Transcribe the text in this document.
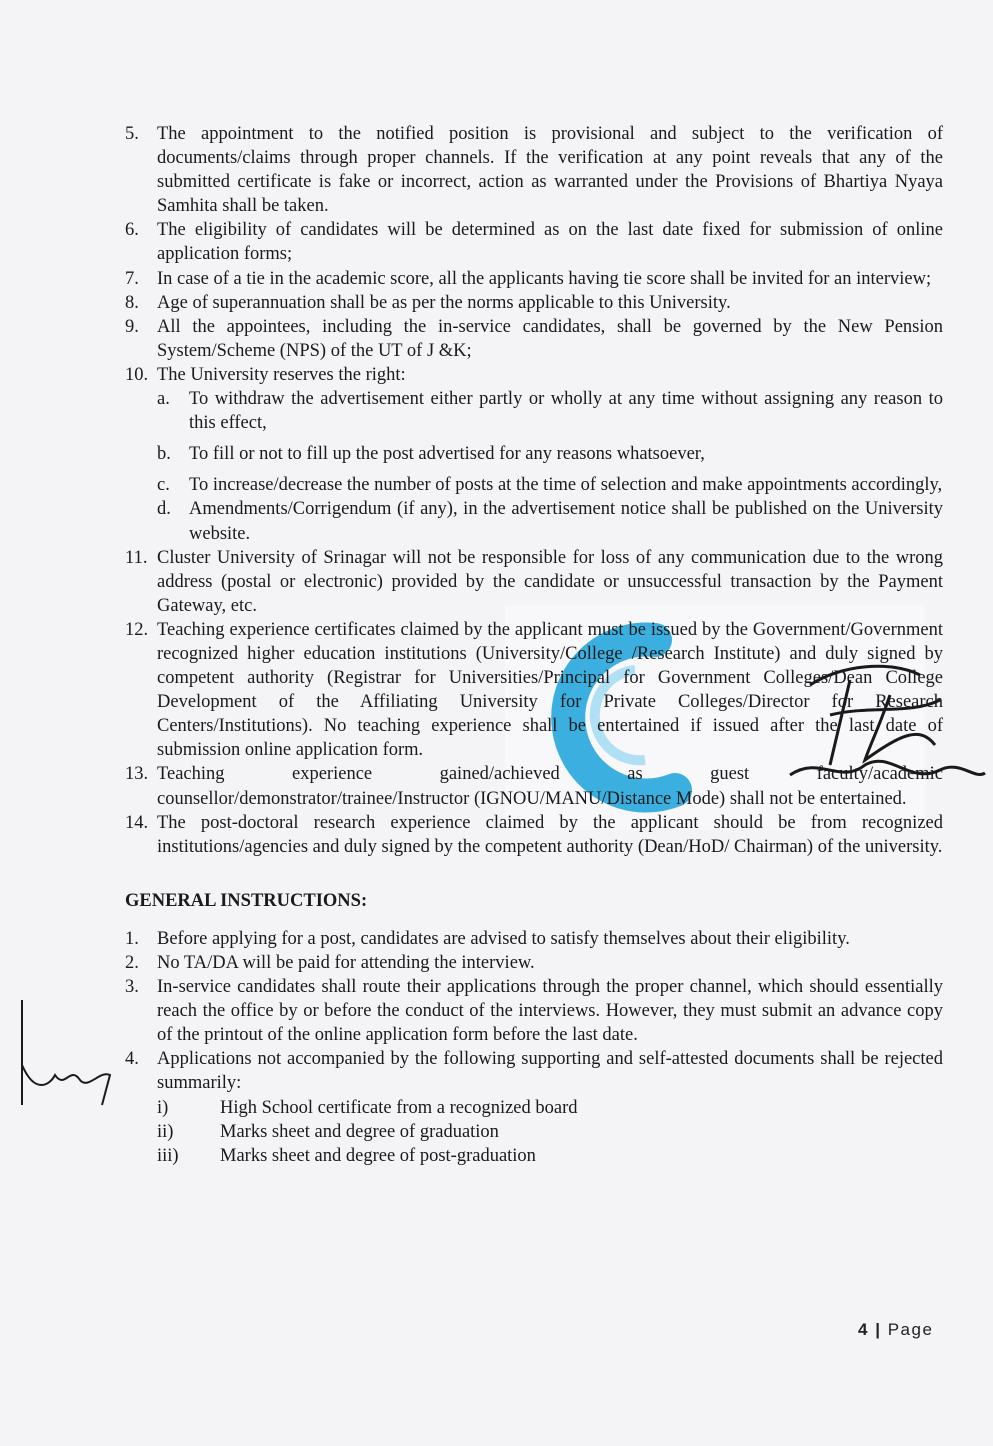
5. The appointment to the notified position is provisional and subject to the verification of documents/claims through proper channels. If the verification at any point reveals that any of the submitted certificate is fake or incorrect, action as warranted under the Provisions of Bhartiya Nyaya Samhita shall be taken.
6. The eligibility of candidates will be determined as on the last date fixed for submission of online application forms;
7. In case of a tie in the academic score, all the applicants having tie score shall be invited for an interview;
8. Age of superannuation shall be as per the norms applicable to this University.
9. All the appointees, including the in-service candidates, shall be governed by the New Pension System/Scheme (NPS) of the UT of J &K;
10. The University reserves the right:
a.	To withdraw the advertisement either partly or wholly at any time without assigning any reason to this effect,
b. To fill or not to fill up the post advertised for any reasons whatsoever,
c.	To increase/decrease the number of posts at the time of selection and make appointments accordingly,
d. Amendments/Corrigendum (if any), in the advertisement notice shall be published on the University website.
11. Cluster University of Srinagar will not be responsible for loss of any communication due to the wrong address (postal or electronic) provided by the candidate or unsuccessful transaction by the Payment Gateway, etc.
12. Teaching experience certificates claimed by the applicant must be issued by the Government/Government recognized higher education institutions (University/College /Research Institute) and duly signed by competent authority (Registrar for Universities/Principal for Government Colleges/Dean College Development of the Affiliating University for Private Colleges/Director for Research Centers/Institutions). No teaching experience shall be entertained if issued after the last date of submission online application form.
13. Teaching experience gained/achieved as guest faculty/academic counsellor/demonstrator/trainee/Instructor (IGNOU/MANU/Distance Mode) shall not be entertained.
14. The post-doctoral research experience claimed by the applicant should be from recognized institutions/agencies and duly signed by the competent authority (Dean/HoD/ Chairman) of the university.
GENERAL INSTRUCTIONS:
1. Before applying for a post, candidates are advised to satisfy themselves about their eligibility.
2. No TA/DA will be paid for attending the interview.
3. In-service candidates shall route their applications through the proper channel, which should essentially reach the office by or before the conduct of the interviews. However, they must submit an advance copy of the printout of the online application form before the last date.
4. Applications not accompanied by the following supporting and self-attested documents shall be rejected summarily:
i)	High School certificate from a recognized board
ii)	Marks sheet and degree of graduation
iii)	Marks sheet and degree of post-graduation
4 | Page
